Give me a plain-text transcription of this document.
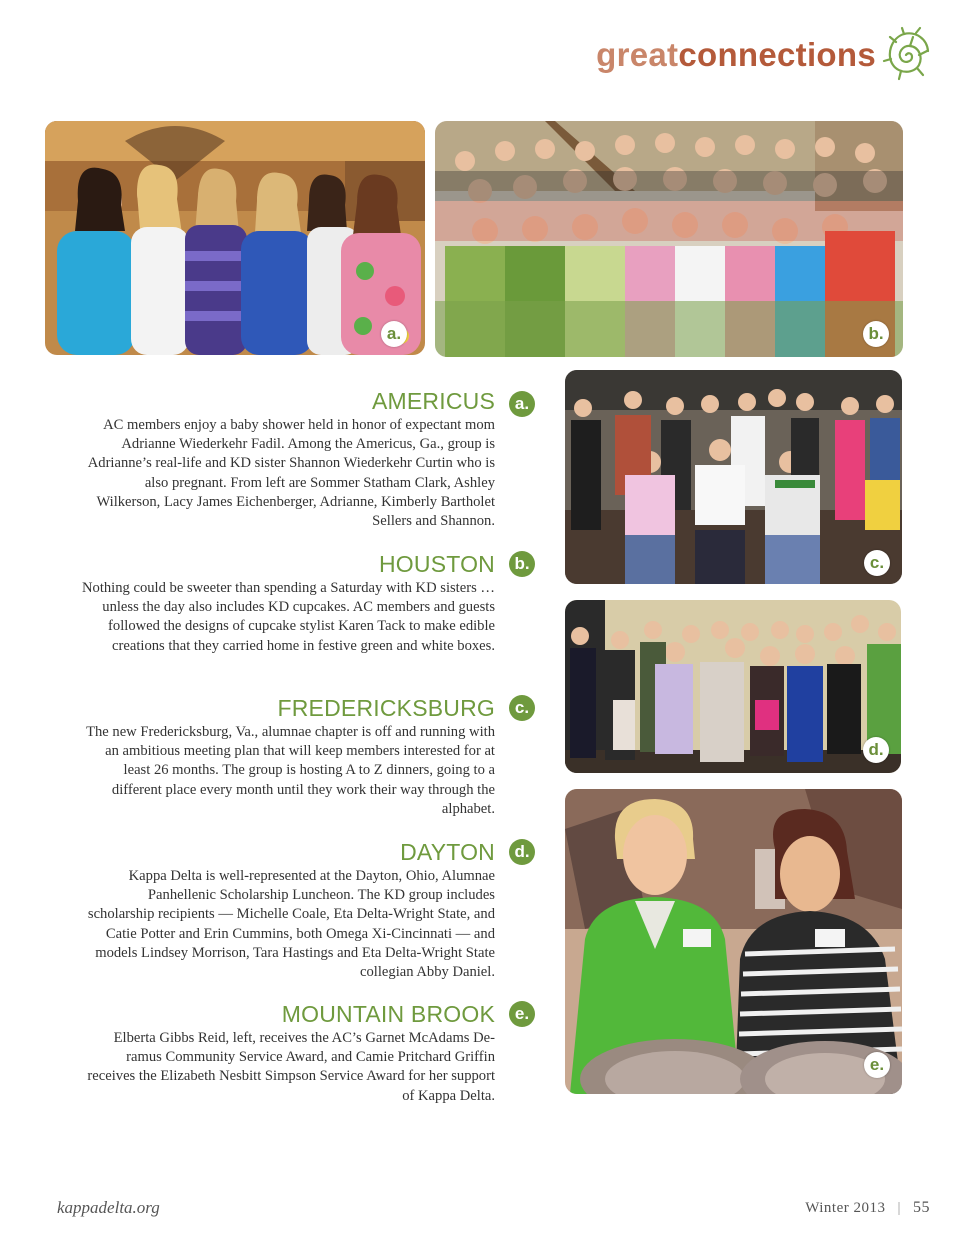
greatconnections
a.	b.
c.
d.
e.
AMERICUS

AC members enjoy a baby shower held in honor of expectant mom Adrianne Wiederkehr Fadil. Among the Americus, Ga., group is Adrianne’s real-life and KD sister Shannon Wiederkehr Curtin who is also pregnant. From left are Sommer Statham Clark, Ashley Wilkerson, Lacy James Eichenberger, Adrianne, Kimberly Bartholet Sellers and Shannon.

a.
HOUSTON

Nothing could be sweeter than spending a Saturday with KD sisters … unless the day also includes KD cupcakes. AC members and guests followed the designs of cupcake stylist Karen Tack to make edible creations that they carried home in festive green and white boxes.

b.
FREDERICKSBURG

The new Fredericksburg, Va., alumnae chapter is off and running with an ambitious meeting plan that will keep members interested for at least 26 months. The group is hosting A to Z dinners, going to a different place every month until they work their way through the alphabet.

c.
DAYTON

Kappa Delta is well-represented at the Dayton, Ohio, Alumnae Panhellenic Scholarship Luncheon. The KD group includes scholarship recipients — Michelle Coale, Eta Delta-Wright State, and Catie Potter and Erin Cummins, both Omega Xi-Cincinnati — and models Lindsey Morrison, Tara Hastings and Eta Delta-Wright State collegian Abby Daniel.

d.
MOUNTAIN BROOK

Elberta Gibbs Reid, left, receives the AC’s Garnet McAdams De-ramus Community Service Award, and Camie Pritchard Griffin receives the Elizabeth Nesbitt Simpson Service Award for her support of Kappa Delta.

e.
kappadelta.org	Winter 2013 | 55
